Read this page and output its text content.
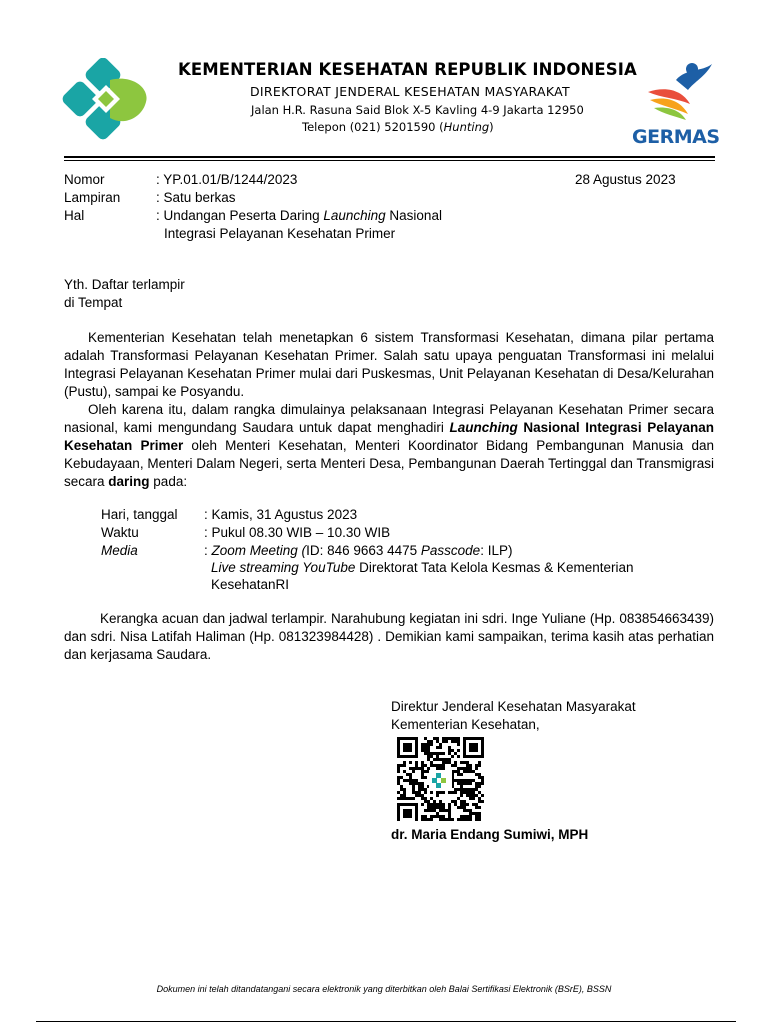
KEMENTERIAN KESEHATAN REPUBLIK INDONESIA
DIREKTORAT JENDERAL KESEHATAN MASYARAKAT
Jalan H.R. Rasuna Said Blok X-5 Kavling 4-9 Jakarta 12950
Telepon (021) 5201590 (Hunting)	GERMAS
Nomor	: YP.01.01/B/1244/2023	28 Agustus 2023
Lampiran	: Satu berkas
Hal	: Undangan Peserta Daring Launching Nasional
Integrasi Pelayanan Kesehatan Primer
Yth. Daftar terlampir
di Tempat
Kementerian Kesehatan telah menetapkan 6 sistem Transformasi Kesehatan, dimana pilar pertama adalah Transformasi Pelayanan Kesehatan Primer. Salah satu upaya penguatan Transformasi ini melalui Integrasi Pelayanan Kesehatan Primer mulai dari Puskesmas, Unit Pelayanan Kesehatan di Desa/Kelurahan (Pustu), sampai ke Posyandu.
Oleh karena itu, dalam rangka dimulainya pelaksanaan Integrasi Pelayanan Kesehatan Primer secara nasional, kami mengundang Saudara untuk dapat menghadiri Launching Nasional Integrasi Pelayanan Kesehatan Primer oleh Menteri Kesehatan, Menteri Koordinator Bidang Pembangunan Manusia dan Kebudayaan, Menteri Dalam Negeri, serta Menteri Desa, Pembangunan Daerah Tertinggal dan Transmigrasi secara daring pada:
Hari, tanggal : Kamis, 31 Agustus 2023
Waktu	: Pukul 08.30 WIB – 10.30 WIB
Media	: Zoom Meeting (ID: 846 9663 4475 Passcode: ILP)
Live streaming YouTube Direktorat Tata Kelola Kesmas & Kementerian
KesehatanRI
Kerangka acuan dan jadwal terlampir. Narahubung kegiatan ini sdri. Inge Yuliane (Hp. 083854663439) dan sdri. Nisa Latifah Haliman (Hp. 081323984428) . Demikian kami sampaikan, terima kasih atas perhatian dan kerjasama Saudara.
Direktur Jenderal Kesehatan Masyarakat
Kementerian Kesehatan,
dr. Maria Endang Sumiwi, MPH
Dokumen ini telah ditandatangani secara elektronik yang diterbitkan oleh Balai Sertifikasi Elektronik (BSrE), BSSN
